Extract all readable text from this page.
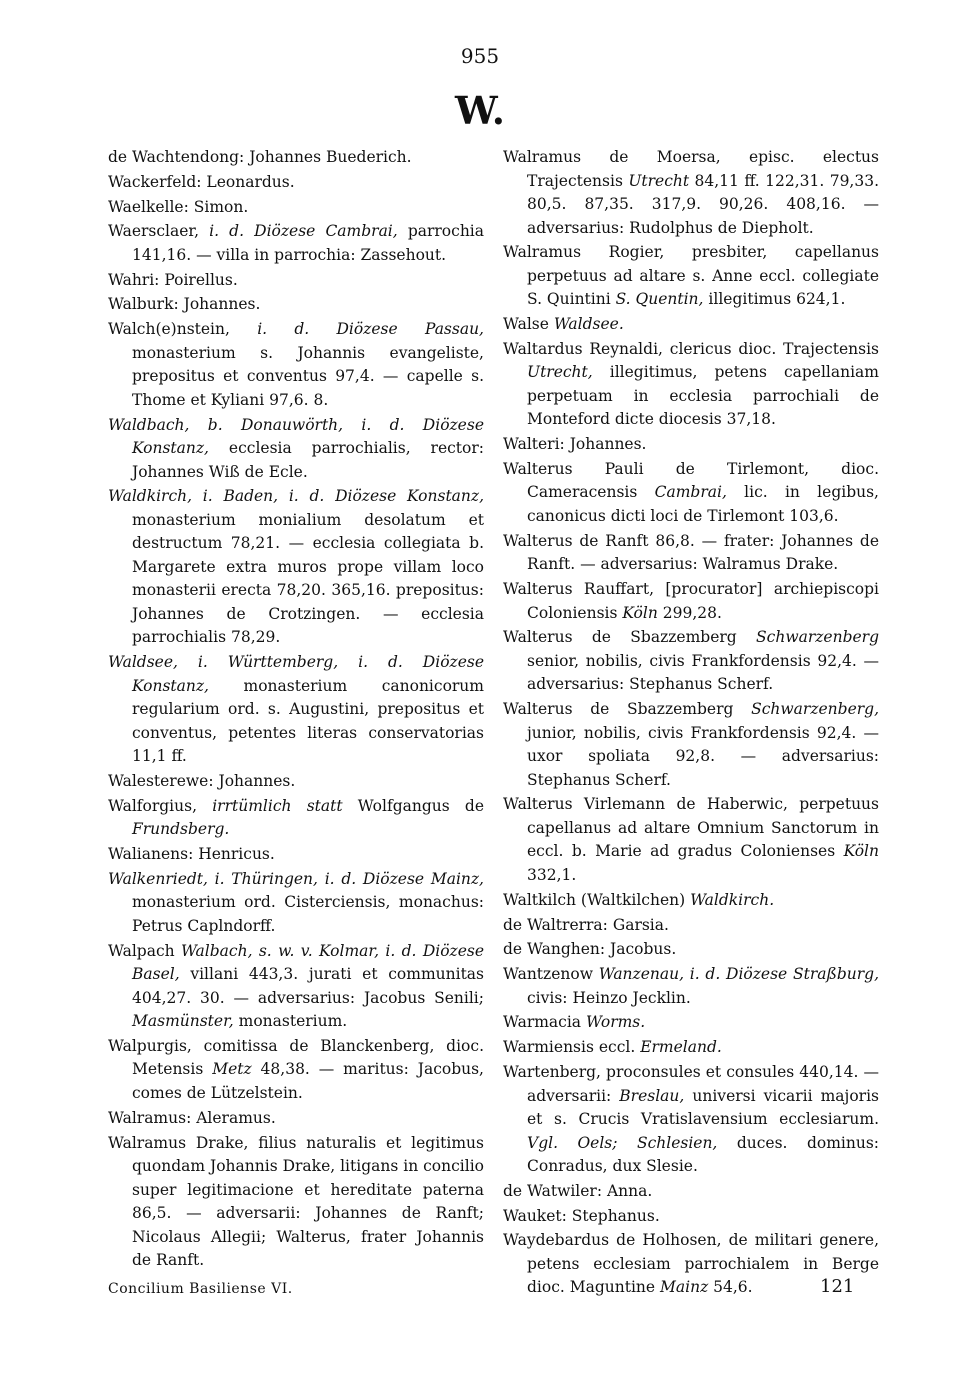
955
W.

de Wachtendong: Johannes Buederich.

Wackerfeld: Leonardus.

Waelkelle: Simon.

Waersclaer, i. d. Diözese Cambrai, parrochia 141,16. — villa in parrochia: Zassehout.

Wahri: Poirellus.

Walburk: Johannes.

Walch(e)nstein, i. d. Diözese Passau, monasterium s. Johannis evangeliste, prepositus et conventus 97,4. — capelle s. Thome et Kyliani 97,6. 8.

Waldbach, b. Donauwörth, i. d. Diözese Konstanz, ecclesia parrochialis, rector: Johannes Wiß de Ecle.

Waldkirch, i. Baden, i. d. Diözese Konstanz, monasterium monialium desolatum et destructum 78,21. — ecclesia collegiata b. Margarete extra muros prope villam loco monasterii erecta 78,20. 365,16. prepositus: Johannes de Crotzingen. — ecclesia parrochialis 78,29.

Waldsee, i. Württemberg, i. d. Diözese Konstanz, monasterium canonicorum regularium ord. s. Augustini, prepositus et conventus, petentes literas conservatorias 11,1 ff.

Walesterewe: Johannes.

Walforgius, irrtümlich statt Wolfgangus de Frundsberg.

Walianens: Henricus.

Walkenriedt, i. Thüringen, i. d. Diözese Mainz, monasterium ord. Cisterciensis, monachus: Petrus Caplndorff.

Walpach Walbach, s. w. v. Kolmar, i. d. Diözese Basel, villani 443,3. jurati et communitas 404,27. 30. — adversarius: Jacobus Senili; Masmünster, monasterium.

Walpurgis, comitissa de Blanckenberg, dioc. Metensis Metz 48,38. — maritus: Jacobus, comes de Lützelstein.

Walramus: Aleramus.

Walramus Drake, filius naturalis et legitimus quondam Johannis Drake, litigans in concilio super legitimacione et hereditate paterna 86,5. — adversarii: Johannes de Ranft; Nicolaus Allegii; Walterus, frater Johannis de Ranft.

Walramus de Moersa, episc. electus Trajectensis Utrecht 84,11 ff. 122,31. 79,33. 80,5. 87,35. 317,9. 90,26. 408,16. — adversarius: Rudolphus de Diepholt.

Walramus Rogier, presbiter, capellanus perpetuus ad altare s. Anne eccl. collegiate S. Quintini S. Quentin, illegitimus 624,1.

Walse Waldsee.

Waltardus Reynaldi, clericus dioc. Trajectensis Utrecht, illegitimus, petens capellaniam perpetuam in ecclesia parrochiali de Monteford dicte diocesis 37,18.

Walteri: Johannes.

Walterus Pauli de Tirlemont, dioc. Cameracensis Cambrai, lic. in legibus, canonicus dicti loci de Tirlemont 103,6.

Walterus de Ranft 86,8. — frater: Johannes de Ranft. — adversarius: Walramus Drake.

Walterus Rauffart, [procurator] archiepiscopi Coloniensis Köln 299,28.

Walterus de Sbazzemberg Schwarzenberg senior, nobilis, civis Frankfordensis 92,4. — adversarius: Stephanus Scherf.

Walterus de Sbazzemberg Schwarzenberg, junior, nobilis, civis Frankfordensis 92,4. — uxor spoliata 92,8. — adversarius: Stephanus Scherf.

Walterus Virlemann de Haberwic, perpetuus capellanus ad altare Omnium Sanctorum in eccl. b. Marie ad gradus Colonienses Köln 332,1.

Waltkilch (Waltkilchen) Waldkirch.

de Waltrerra: Garsia.

de Wanghen: Jacobus.

Wantzenow Wanzenau, i. d. Diözese Straßburg, civis: Heinzo Jecklin.

Warmacia Worms.

Warmiensis eccl. Ermeland.

Wartenberg, proconsules et consules 440,14. — adversarii: Breslau, universi vicarii majoris et s. Crucis Vratislavensium ecclesiarum. Vgl. Oels; Schlesien, duces. dominus: Conradus, dux Slesie.

de Watwiler: Anna.

Wauket: Stephanus.

Waydebardus de Holhosen, de militari genere, petens ecclesiam parrochialem in Berge dioc. Maguntine Mainz 54,6.

Concilium Basiliense VI.	121
